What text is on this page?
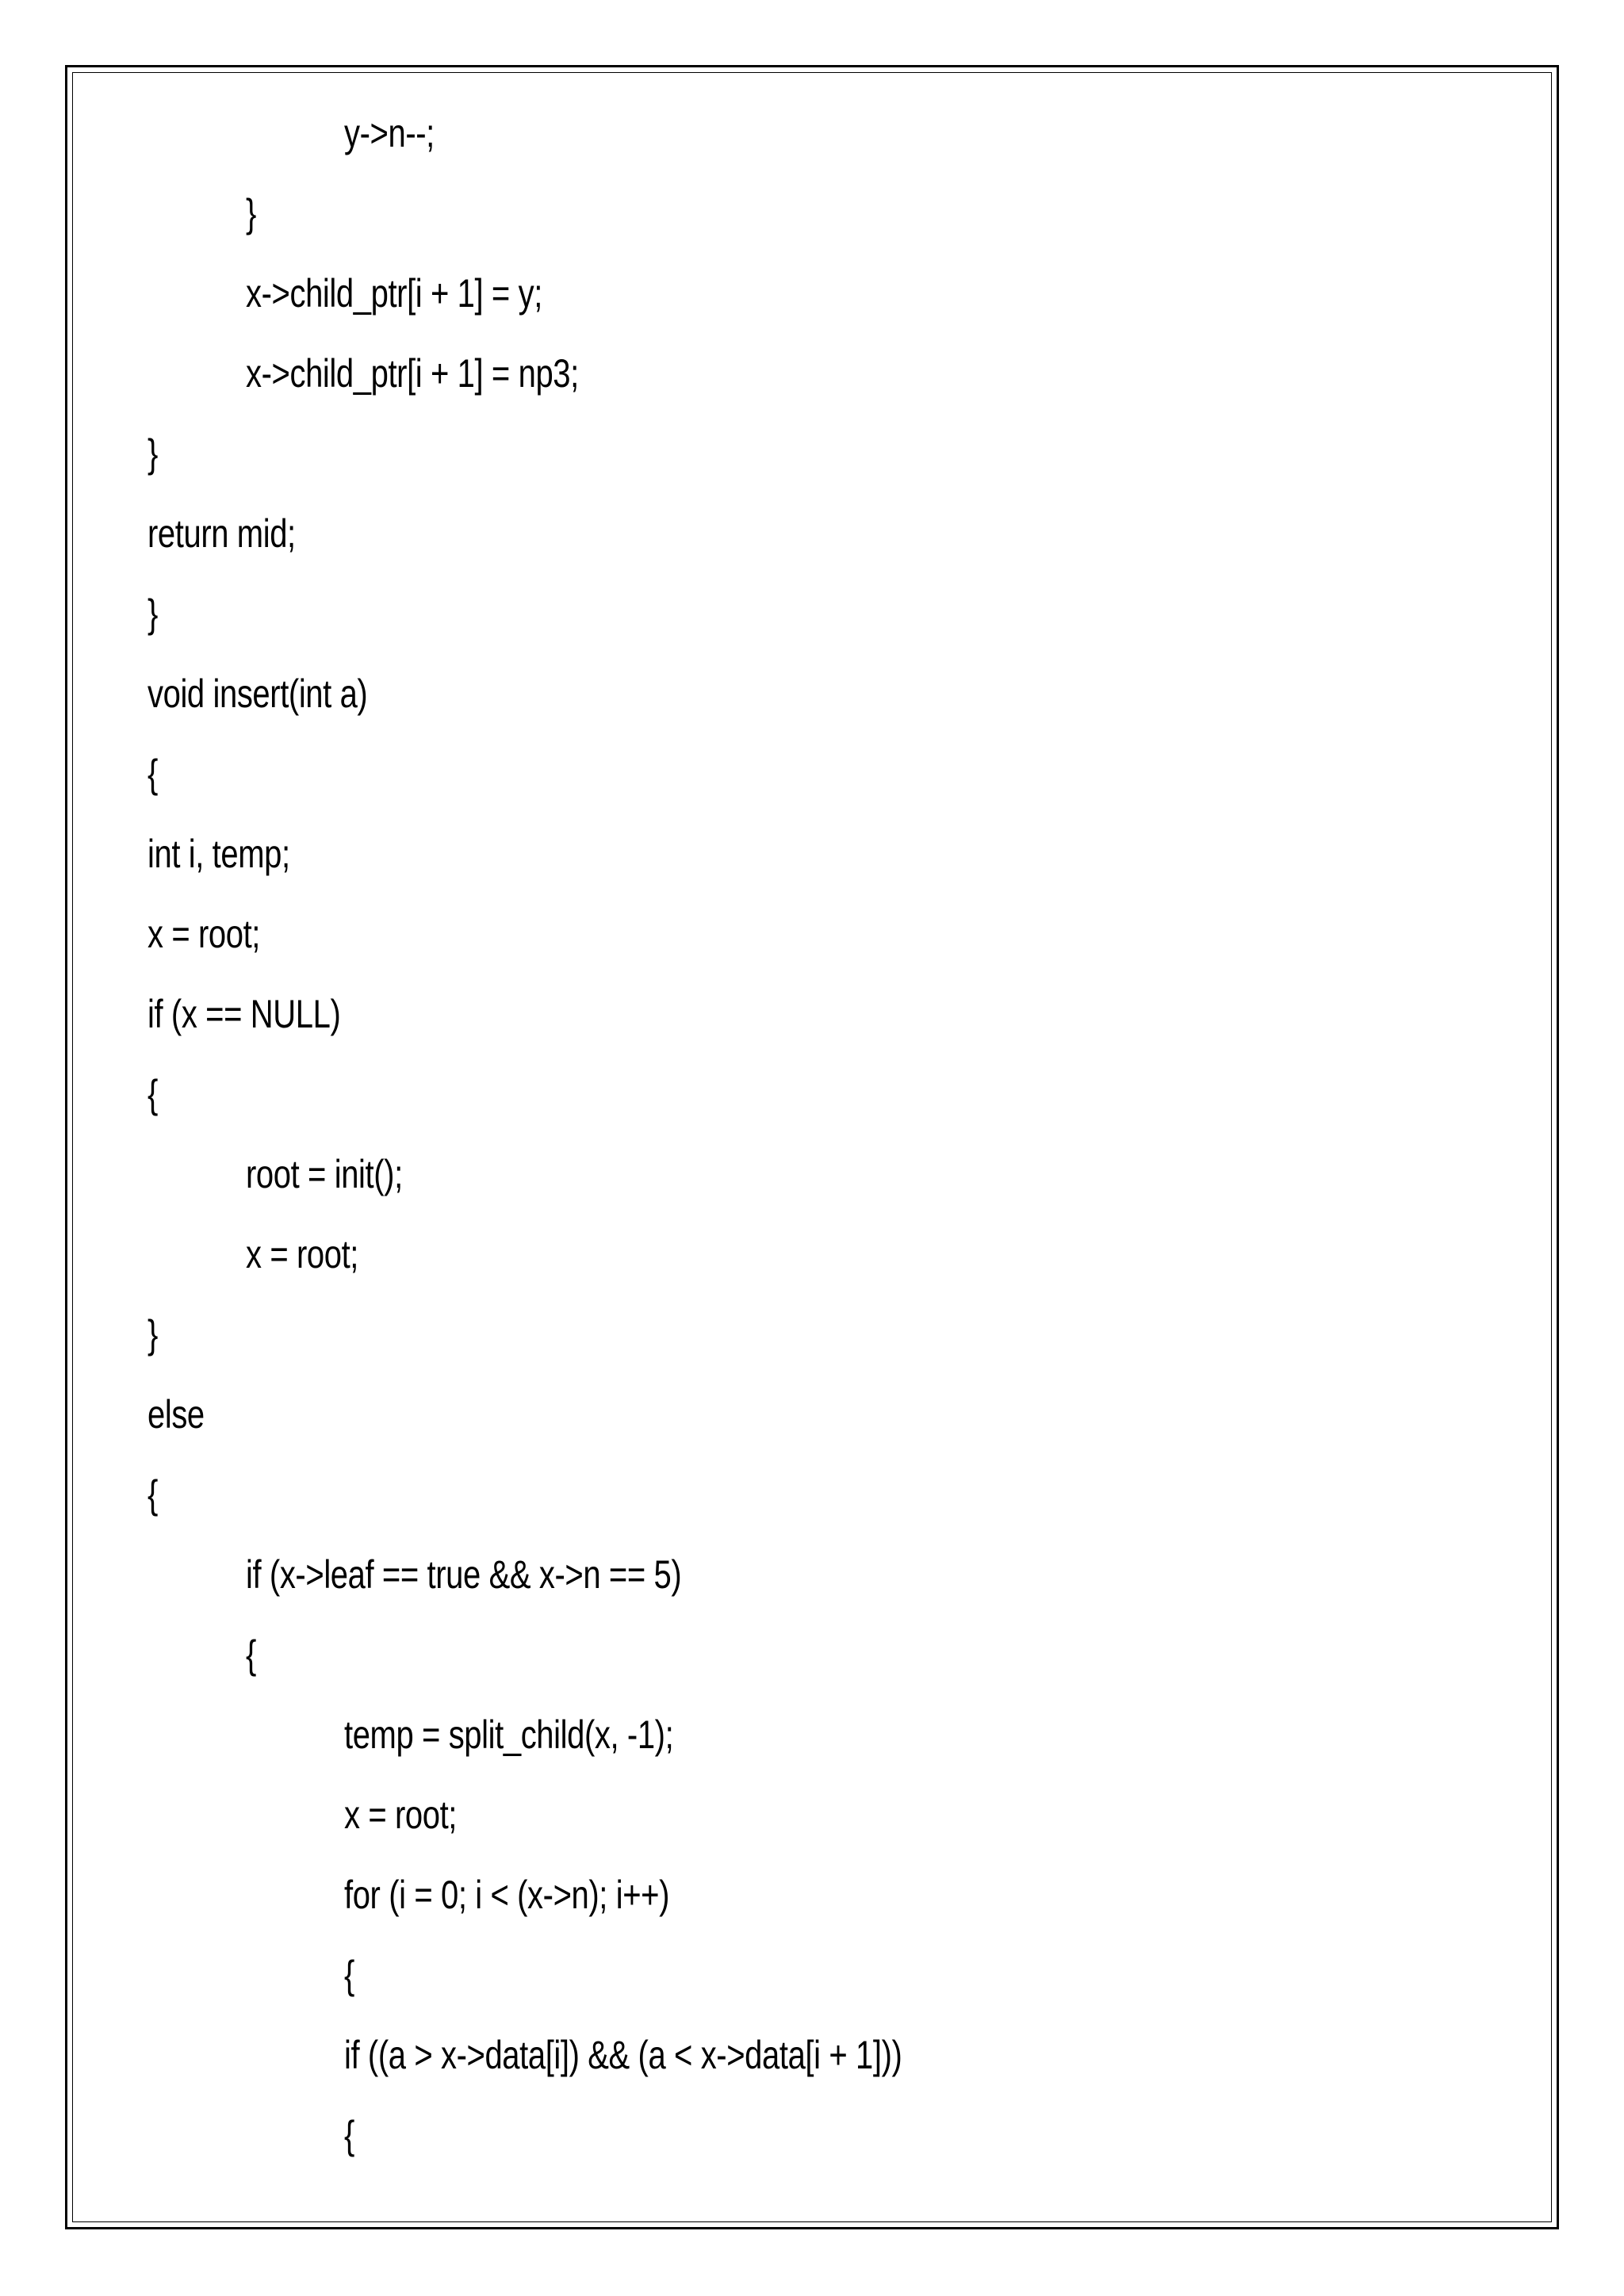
y->n--;
}
x->child_ptr[i + 1] = y;
x->child_ptr[i + 1] = np3;
}
return mid;
}
void insert(int a)
{
int i, temp;
x = root;
if (x == NULL)
{
root = init();
x = root;
}
else
{
if (x->leaf == true && x->n == 5)
{
temp = split_child(x, -1);
x = root;
for (i = 0; i < (x->n); i++)
{
if ((a > x->data[i]) && (a < x->data[i + 1]))
{
